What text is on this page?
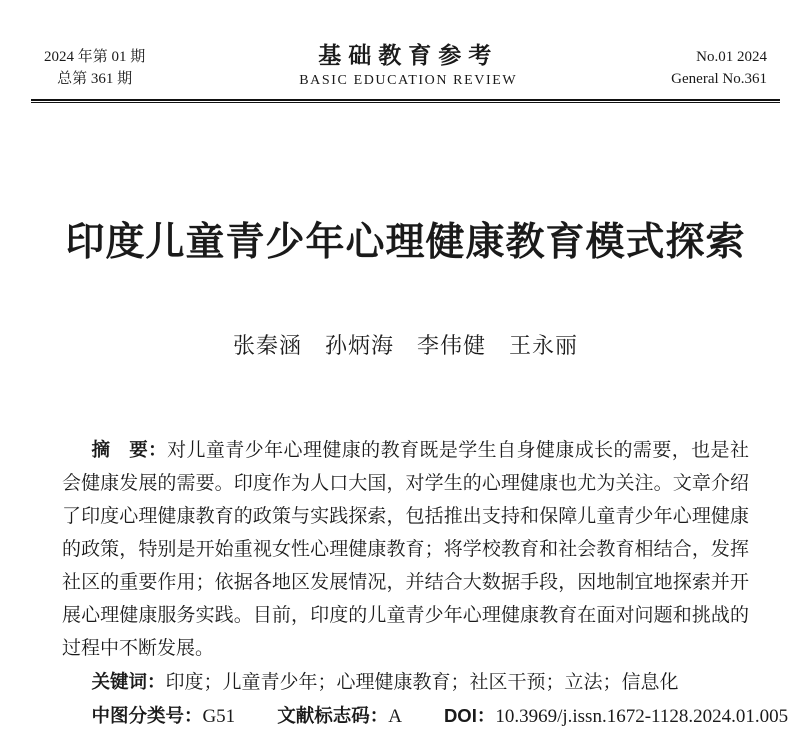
2024 年第 01 期
总第 361 期
基础教育参考
BASIC EDUCATION REVIEW
No.01 2024
General No.361
印度儿童青少年心理健康教育模式探索
张秦涵　孙炳海　李伟健　王永丽

摘　要：对儿童青少年心理健康的教育既是学生自身健康成长的需要，也是社会健康发展的需要。印度作为人口大国，对学生的心理健康也尤为关注。文章介绍了印度心理健康教育的政策与实践探索，包括推出支持和保障儿童青少年心理健康的政策，特别是开始重视女性心理健康教育；将学校教育和社会教育相结合，发挥社区的重要作用；依据各地区发展情况，并结合大数据手段，因地制宜地探索并开展心理健康服务实践。目前，印度的儿童青少年心理健康教育在面对问题和挑战的过程中不断发展。

关键词：印度；儿童青少年；心理健康教育；社区干预；立法；信息化

中图分类号：G51 文献标志码：A DOI：10.3969/j.issn.1672-1128.2024.01.005
